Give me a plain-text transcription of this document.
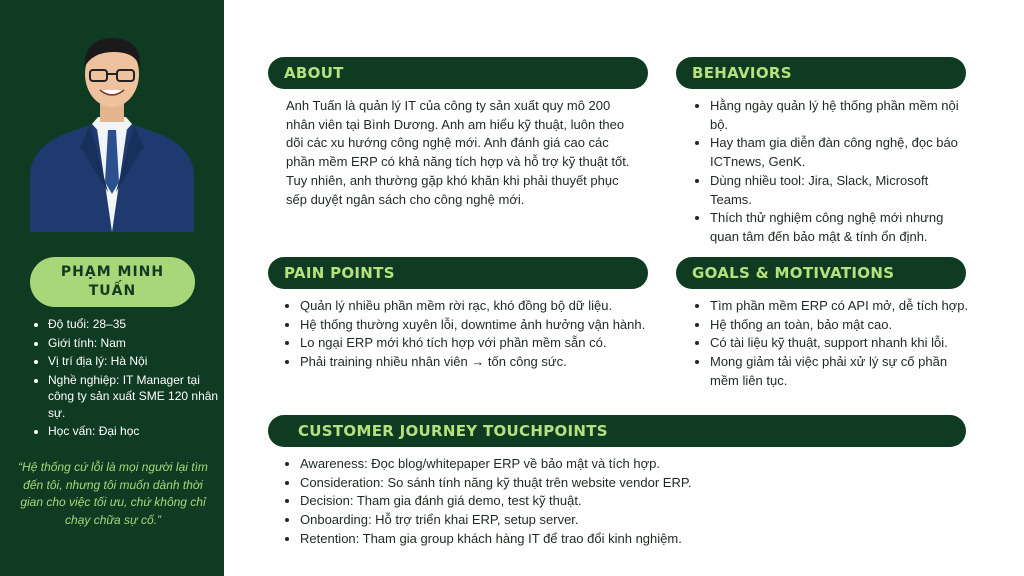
PHẠM MINH TUẤN
• Độ tuổi: 28–35
• Giới tính: Nam
• Vị trí địa lý: Hà Nội
• Nghề nghiệp: IT Manager tại công ty sản xuất SME 120 nhân sự.
• Học vấn: Đại học

“Hệ thống cứ lỗi là mọi người lại tìm đến tôi, nhưng tôi muốn dành thời gian cho việc tối ưu, chứ không chỉ chạy chữa sự cố.”

ABOUT

Anh Tuấn là quản lý IT của công ty sản xuất quy mô 200 nhân viên tại Bình Dương. Anh am hiểu kỹ thuật, luôn theo dõi các xu hướng công nghệ mới. Anh đánh giá cao các phần mềm ERP có khả năng tích hợp và hỗ trợ kỹ thuật tốt. Tuy nhiên, anh thường gặp khó khăn khi phải thuyết phục sếp duyệt ngân sách cho công nghệ mới.

BEHAVIORS
• Hằng ngày quản lý hệ thống phần mềm nội bộ.
• Hay tham gia diễn đàn công nghệ, đọc báo ICTnews, GenK.
• Dùng nhiều tool: Jira, Slack, Microsoft Teams.
• Thích thử nghiệm công nghệ mới nhưng quan tâm đến bảo mật & tính ổn định.
PAIN POINTS
• Quản lý nhiều phần mềm rời rạc, khó đồng bộ dữ liệu.
• Hệ thống thường xuyên lỗi, downtime ảnh hưởng vận hành.
• Lo ngại ERP mới khó tích hợp với phần mềm sẵn có.
• Phải training nhiều nhân viên → tốn công sức.
GOALS & MOTIVATIONS
• Tìm phần mềm ERP có API mở, dễ tích hợp.
• Hệ thống an toàn, bảo mật cao.
• Có tài liệu kỹ thuật, support nhanh khi lỗi.
• Mong giảm tải việc phải xử lý sự cố phần mềm liên tục.
CUSTOMER JOURNEY TOUCHPOINTS
• Awareness: Đọc blog/whitepaper ERP về bảo mật và tích hợp.
• Consideration: So sánh tính năng kỹ thuật trên website vendor ERP.
• Decision: Tham gia đánh giá demo, test kỹ thuật.
• Onboarding: Hỗ trợ triển khai ERP, setup server.
• Retention: Tham gia group khách hàng IT để trao đổi kinh nghiệm.
